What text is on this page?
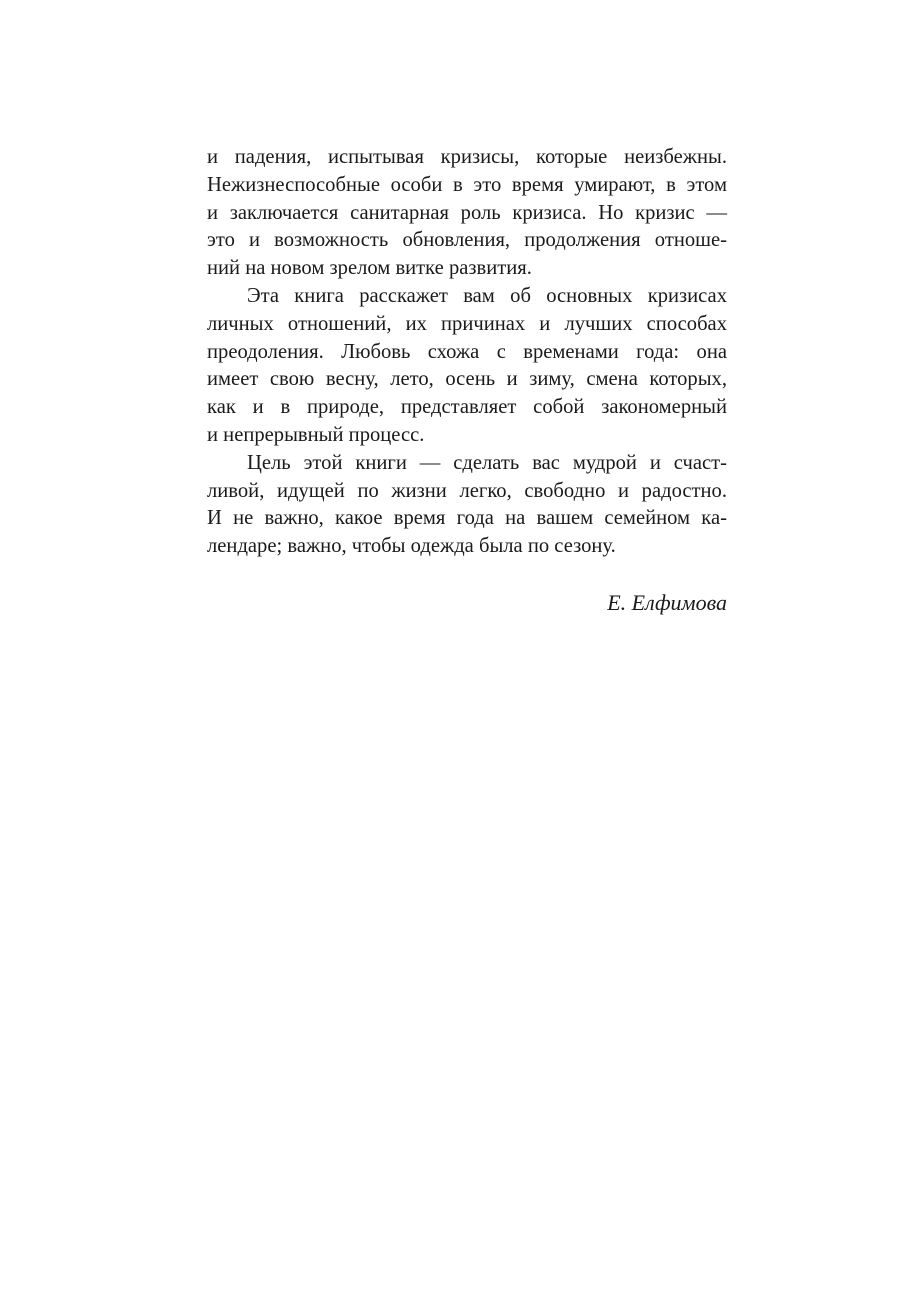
и падения, испытывая кризисы, которые неизбежны.
Нежизнеспособные особи в это время умирают, в этом
и заключается санитарная роль кризиса. Но кризис —
это и возможность обновления, продолжения отноше-
ний на новом зрелом витке развития.

Эта книга расскажет вам об основных кризисах
личных отношений, их причинах и лучших способах
преодоления. Любовь схожа с временами года: она
имеет свою весну, лето, осень и зиму, смена которых,
как и в природе, представляет собой закономерный
и непрерывный процесс.

Цель этой книги — сделать вас мудрой и счаст-
ливой, идущей по жизни легко, свободно и радостно.
И не важно, какое время года на вашем семейном ка-
лендаре; важно, чтобы одежда была по сезону.

Е. Елфимова
